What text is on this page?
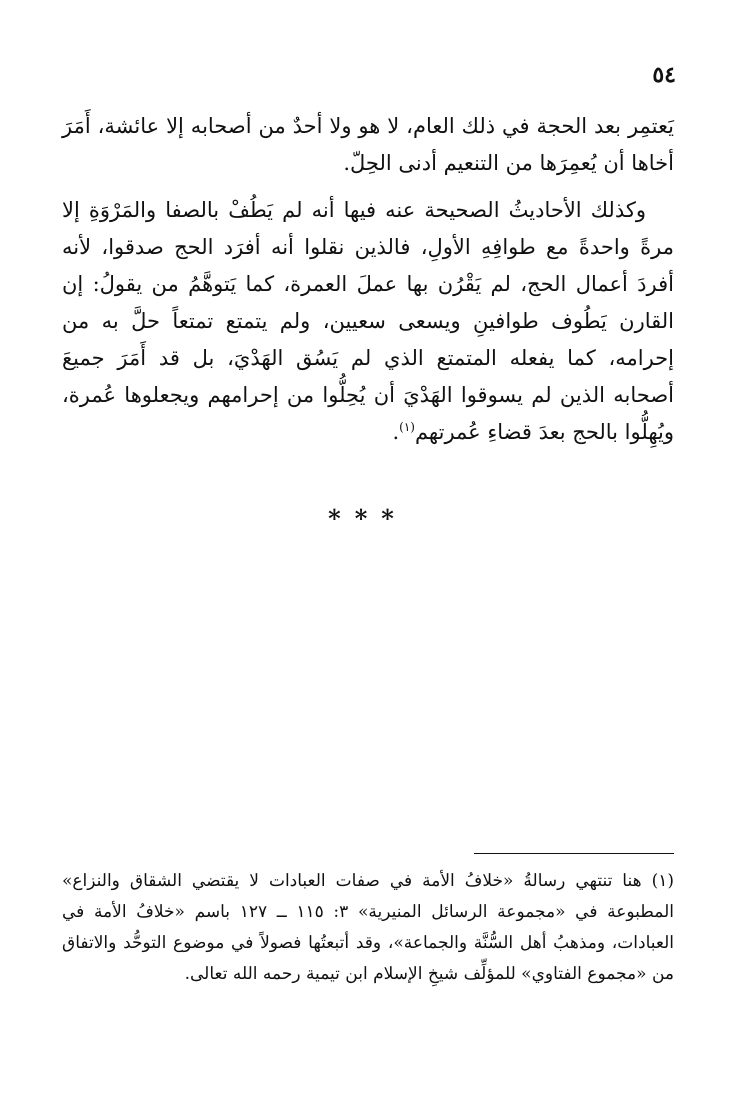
٥٤

يَعتمِر بعد الحجة في ذلك العام، لا هو ولا أحدٌ من أصحابه إلا عائشة، أَمَرَ أخاها أن يُعمِرَها من التنعيم أدنى الحِلّ.

وكذلك الأحاديثُ الصحيحة عنه فيها أنه لم يَطُفْ بالصفا والمَرْوَةِ إلا مرةً واحدةً مع طوافِهِ الأولِ، فالذين نقلوا أنه أفرَد الحج صدقوا، لأنه أفردَ أعمال الحج، لم يَقْرُن بها عملَ العمرة، كما يَتوهَّمُ من يقولُ: إن القارن يَطُوف طوافينِ ويسعى سعيين، ولم يتمتع تمتعاً حلَّ به من إحرامه، كما يفعله المتمتع الذي لم يَسُق الهَدْيَ، بل قد أَمَرَ جميعَ أصحابه الذين لم يسوقوا الهَدْيَ أن يُحِلُّوا من إحرامهم ويجعلوها عُمرة، ويُهِلُّوا بالحج بعدَ قضاءِ عُمرتهم$^{(١)}$.

***

(١) هنا تنتهي رسالةُ «خلافُ الأمة في صفات العبادات لا يقتضي الشقاق والنزاع» المطبوعة في «مجموعة الرسائل المنيرية» ٣: ١١٥ ــ ١٢٧ باسم «خلافُ الأمة في العبادات، ومذهبُ أهل السُّنَّة والجماعة»، وقد أتبعتُها فصولاً في موضوع التوحُّد والاتفاق من «مجموع الفتاوي» للمؤلِّف شيخِ الإسلام ابن تيمية رحمه الله تعالى.
